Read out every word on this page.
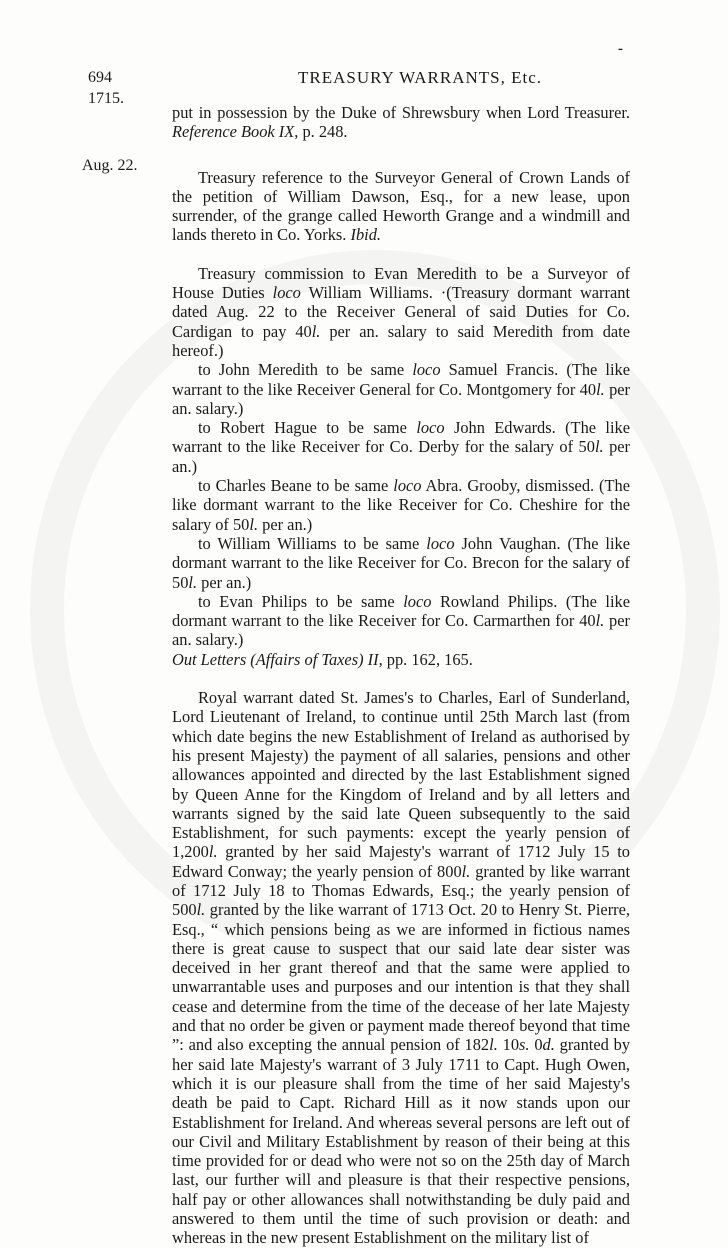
-
694	TREASURY WARRANTS, Etc.
1715.
Aug. 22.

put in possession by the Duke of Shrewsbury when Lord Treasurer. Reference Book IX, p. 248.

Treasury reference to the Surveyor General of Crown Lands of the petition of William Dawson, Esq., for a new lease, upon surrender, of the grange called Heworth Grange and a windmill and lands thereto in Co. Yorks. Ibid.

Treasury commission to Evan Meredith to be a Surveyor of House Duties loco William Williams. ·(Treasury dormant warrant dated Aug. 22 to the Receiver General of said Duties for Co. Cardigan to pay 40l. per an. salary to said Meredith from date hereof.)

to John Meredith to be same loco Samuel Francis. (The like warrant to the like Receiver General for Co. Montgomery for 40l. per an. salary.)

to Robert Hague to be same loco John Edwards. (The like warrant to the like Receiver for Co. Derby for the salary of 50l. per an.)

to Charles Beane to be same loco Abra. Grooby, dismissed. (The like dormant warrant to the like Receiver for Co. Cheshire for the salary of 50l. per an.)

to William Williams to be same loco John Vaughan. (The like dormant warrant to the like Receiver for Co. Brecon for the salary of 50l. per an.)

to Evan Philips to be same loco Rowland Philips. (The like dormant warrant to the like Receiver for Co. Carmarthen for 40l. per an. salary.)

Out Letters (Affairs of Taxes) II, pp. 162, 165.

Royal warrant dated St. James's to Charles, Earl of Sunderland, Lord Lieutenant of Ireland, to continue until 25th March last (from which date begins the new Establishment of Ireland as authorised by his present Majesty) the payment of all salaries, pensions and other allowances appointed and directed by the last Establishment signed by Queen Anne for the Kingdom of Ireland and by all letters and warrants signed by the said late Queen subsequently to the said Establishment, for such payments: except the yearly pension of 1,200l. granted by her said Majesty's warrant of 1712 July 15 to Edward Conway; the yearly pension of 800l. granted by like warrant of 1712 July 18 to Thomas Edwards, Esq.; the yearly pension of 500l. granted by the like warrant of 1713 Oct. 20 to Henry St. Pierre, Esq., “ which pensions being as we are informed in fictious names there is great cause to suspect that our said late dear sister was deceived in her grant thereof and that the same were applied to unwarrantable uses and purposes and our intention is that they shall cease and determine from the time of the decease of her late Majesty and that no order be given or payment made thereof beyond that time ”: and also excepting the annual pension of 182l. 10s. 0d. granted by her said late Majesty's warrant of 3 July 1711 to Capt. Hugh Owen, which it is our pleasure shall from the time of her said Majesty's death be paid to Capt. Richard Hill as it now stands upon our Establishment for Ireland. And whereas several persons are left out of our Civil and Military Establishment by reason of their being at this time provided for or dead who were not so on the 25th day of March last, our further will and pleasure is that their respective pensions, half pay or other allowances shall notwithstanding be duly paid and answered to them until the time of such provision or death: and whereas in the new present Establishment on the military list of
